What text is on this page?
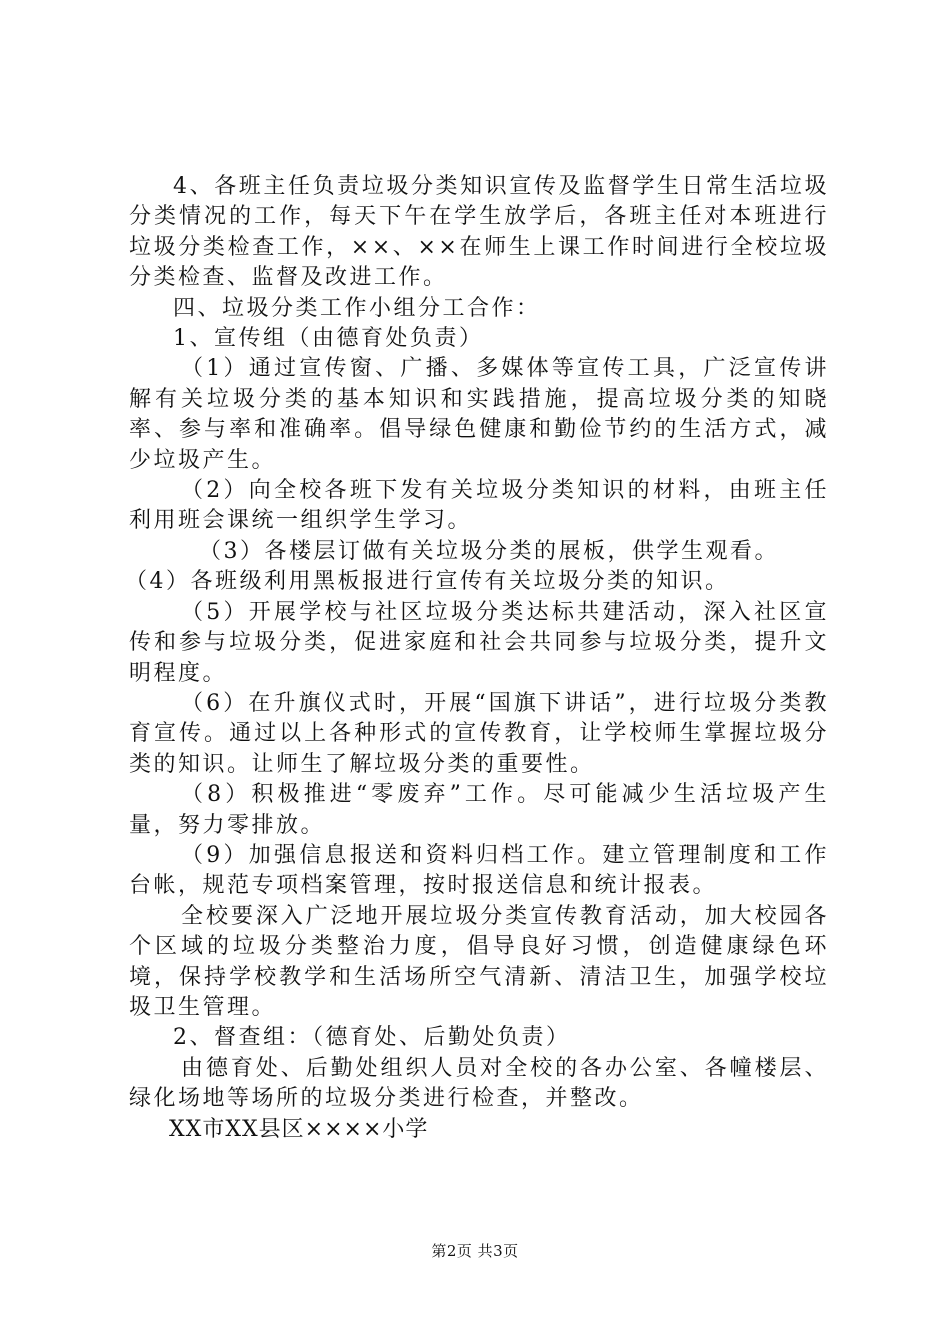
4、各班主任负责垃圾分类知识宣传及监督学生日常生活垃圾分类情况的工作，每天下午在学生放学后，各班主任对本班进行垃圾分类检查工作，××、××在师生上课工作时间进行全校垃圾分类检查、监督及改进工作。

四、垃圾分类工作小组分工合作：

1、宣传组（由德育处负责）

（1）通过宣传窗、广播、多媒体等宣传工具，广泛宣传讲解有关垃圾分类的基本知识和实践措施，提高垃圾分类的知晓率、参与率和准确率。倡导绿色健康和勤俭节约的生活方式，减少垃圾产生。

（2）向全校各班下发有关垃圾分类知识的材料，由班主任利用班会课统一组织学生学习。

（3）各楼层订做有关垃圾分类的展板，供学生观看。

（4）各班级利用黑板报进行宣传有关垃圾分类的知识。

（5）开展学校与社区垃圾分类达标共建活动，深入社区宣传和参与垃圾分类，促进家庭和社会共同参与垃圾分类，提升文明程度。

（6）在升旗仪式时，开展“国旗下讲话”，进行垃圾分类教育宣传。通过以上各种形式的宣传教育，让学校师生掌握垃圾分类的知识。让师生了解垃圾分类的重要性。

（8）积极推进“零废弃”工作。尽可能减少生活垃圾产生量，努力零排放。

（9）加强信息报送和资料归档工作。建立管理制度和工作台帐，规范专项档案管理，按时报送信息和统计报表。

全校要深入广泛地开展垃圾分类宣传教育活动，加大校园各个区域的垃圾分类整治力度，倡导良好习惯，创造健康绿色环境，保持学校教学和生活场所空气清新、清洁卫生，加强学校垃圾卫生管理。

2、督查组：（德育处、后勤处负责）

由德育处、后勤处组织人员对全校的各办公室、各幢楼层、绿化场地等场所的垃圾分类进行检查，并整改。

XX市XX县区××××小学

第2页 共3页
